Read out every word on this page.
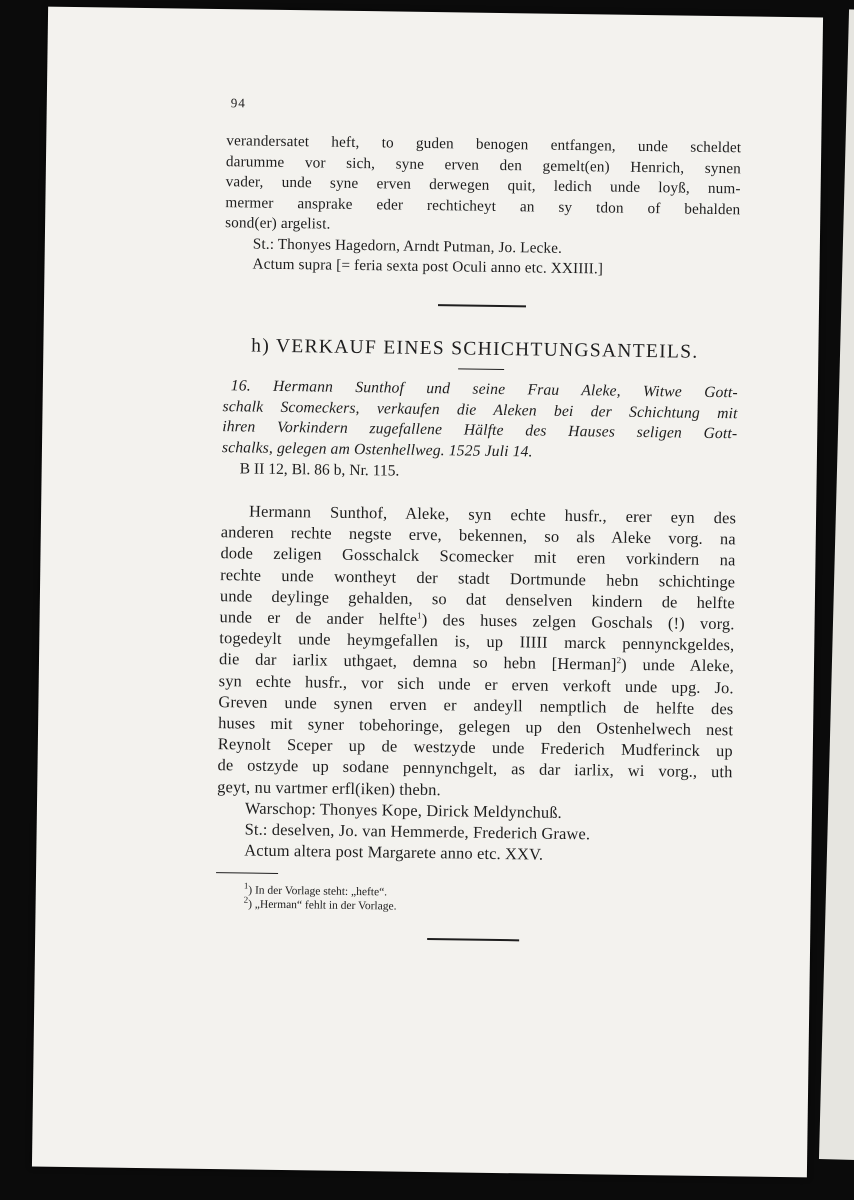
94
verandersatet heft, to guden benogen entfangen, unde scheldet
darumme vor sich, syne erven den gemelt(en) Henrich, synen
vader, unde syne erven derwegen quit, ledich unde loyß, num-
mermer ansprake eder rechticheyt an sy tdon of behalden
sond(er) argelist.
St.: Thonyes Hagedorn, Arndt Putman, Jo. Lecke.
Actum supra [= feria sexta post Oculi anno etc. XXIIII.]
h) VERKAUF EINES SCHICHTUNGSANTEILS.
16. Hermann Sunthof und seine Frau Aleke, Witwe Gott-
schalk Scomeckers, verkaufen die Aleken bei der Schichtung mit
ihren Vorkindern zugefallene Hälfte des Hauses seligen Gott-
schalks, gelegen am Ostenhellweg. 1525 Juli 14.
B II 12, Bl. 86 b, Nr. 115.
Hermann Sunthof, Aleke, syn echte husfr., erer eyn des
anderen rechte negste erve, bekennen, so als Aleke vorg. na
dode zeligen Gosschalck Scomecker mit eren vorkindern na
rechte unde wontheyt der stadt Dortmunde hebn schichtinge
unde deylinge gehalden, so dat denselven kindern de helfte
unde er de ander helfte$^1$) des huses zelgen Goschals (!) vorg.
togedeylt unde heymgefallen is, up IIIII marck pennynckgeldes,
die dar iarlix uthgaet, demna so hebn [Herman]$^2$) unde Aleke,
syn echte husfr., vor sich unde er erven verkoft unde upg. Jo.
Greven unde synen erven er andeyll nemptlich de helfte des
huses mit syner tobehoringe, gelegen up den Ostenhelwech nest
Reynolt Sceper up de westzyde unde Frederich Mudferinck up
de ostzyde up sodane pennynchgelt, as dar iarlix, wi vorg., uth
geyt, nu vartmer erfl(iken) thebn.
Warschop: Thonyes Kope, Dirick Meldynchuß.
St.: deselven, Jo. van Hemmerde, Frederich Grawe.
Actum altera post Margarete anno etc. XXV.
$^1$) In der Vorlage steht: „hefte“.
$^2$) „Herman“ fehlt in der Vorlage.
